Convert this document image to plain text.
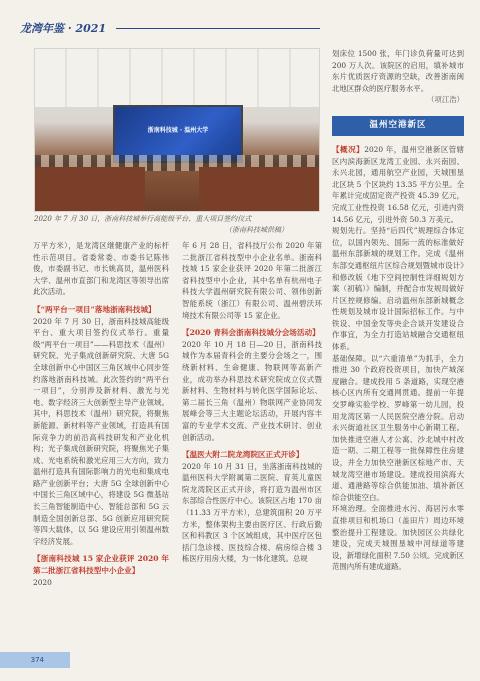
龙湾年鉴 · 2021
浙南科技城 · 温州大学
2020 年 7 月 30 日，浙南科技城举行高能级平台、重大项目签约仪式
（浙南科技城供稿）

万平方米），是龙湾区继健康产业的标杆性示范项目。省委常委、市委书记陈伟俊，市委副书记、市长姚高员，温州医科大学、温州市直部门和龙湾区等领导出席此次活动。

【“两平台一项目”落地浙南科技城】

2020 年 7 月 30 日，浙南科技城高能级平台、重大项目签约仪式举行。重量级“两平台一项目”——科思技术（温州）研究院、光子集成创新研究院、大唐 5G 全球创新中心中国区三角区域中心同步签约落地浙南科技城。此次签约的“两平台一项目”，分别涉及新材料、激光与光电、数字经济三大创新型主导产业领域。其中，科思技术（温州）研究院，将聚焦新能源、新材料等产业领域，打造具有国际竞争力的前沿高科技研发和产业化机构；光子集成创新研究院，将聚焦光子集成、光电系统和激光应用三大方向，致力温州打造具有国际影响力的光电和集成电路产业创新平台；大唐 5G 全球创新中心中国长三角区域中心，将建设 5G 微基站长三角智能制造中心、智能总部和 5G 云制造全国创新总部、5G 创新应用研究院等四大载体，以 5G 建设应用引领温州数字经济发展。

【浙南科技城 15 家企业获评 2020 年第二批浙江省科技型中小企业】

2020

年 6 月 28 日，省科技厅公布 2020 年第二批浙江省科技型中小企业名单。浙南科技城 15 家企业获评 2020 年第二批浙江省科技型中小企业，其中名单有杭州电子科技大学温州研究院有限公司、领伟创新智能系统（浙江）有限公司、温州碧沃环境技术有限公司等 15 家企业。

【2020 青科会浙南科技城分会场活动】

2020 年 10 月 18 日—20 日，浙南科技城作为本届青科会的主要分会场之一，围绕新材料、生命健康、物联网等高新产业，成功举办科思技术研究院成立仪式暨新材料、生物材料与转化医学国际论坛、第二届长三角（温州）物联网产业协同发展峰会等三大主题论坛活动，开展内容丰富的专业学术交流、产业技术研讨、创业创新活动。

【温医大附二院龙湾院区正式开诊】

2020 年 10 月 31 日，坐落浙南科技城的温州医科大学附属第二医院、育英儿童医院龙湾院区正式开诊，将打造为温州市区东部综合性医疗中心。该院区占地 170 亩（11.33 万平方米），总建筑面积 20 万平方米，整体架构主要由医疗区、行政后勤区和科教区 3 个区域组成，其中医疗区包括门急诊楼、医技综合楼、病房综合楼 3 栋医疗用房大楼，为一体化建筑。总规

划床位 1500 张，年门诊负荷量可达到 200 万人次。该院区的启用，填补城市东片优质医疗资源的空缺，改善浙南闽北地区群众的医疗服务水平。

（项江浩）

温州空港新区

【概况】2020 年，温州空港新区管辖区内滨海新区龙湾工业园、永兴南园、永兴北园，通用航空产业园，天城围垦北区块 5 个区块约 13.35 平方公里。全年累计完成固定资产投资 45.39 亿元，完成工业性投资 16.58 亿元，引进内资 14.56 亿元，引进外资 50.3 万美元。

规划先行。坚持“后四代”规理综合体定位，以国内领先、国际一流的标准做好温州东部新城的规划工作。完成《温州东部交通枢纽片区综合规划暨城市设计》和修改版《地下空间控制性详细规划方案（初稿）》编制，并配合市发规局做好片区控规修编。启动温州东部新城概念性规划及城市设计国际招标工作。与中铁设、中国金发等央企合谈开发建设合作事宜，为全力打造站城融合交通枢纽体系。

基础保障。以“六重清单”为抓手，全力推进 30 个政府投资项目，加快产城深度融合。建成投用 5 条道路，实现空港核心区内所有交通网贯通。提前一年提交罗峰实验学校、罗峰第一幼儿园，投用龙湾区第一人民医院空港分院。启动永兴街道社区卫生服务中心新期工程。加快推进空港人才公寓、沙北城中村改造一期、二期工程等一批保障性住房建设，并全力加快空港新区棕地产市、天城龙湾空港市场建设。建成投用滨海大道、通港路等综合供能加油、填补新区综合供能空白。

环境治理。全面推进水污、海居污水零直排项目和机场口（盖田片）周边环境整治提升工程建设。加快园区公共绿化建设，完成天城围垦城中河绿道等建设，新增绿化面积 7.50 公顷。完成新区范围内所有建成道路。

374
